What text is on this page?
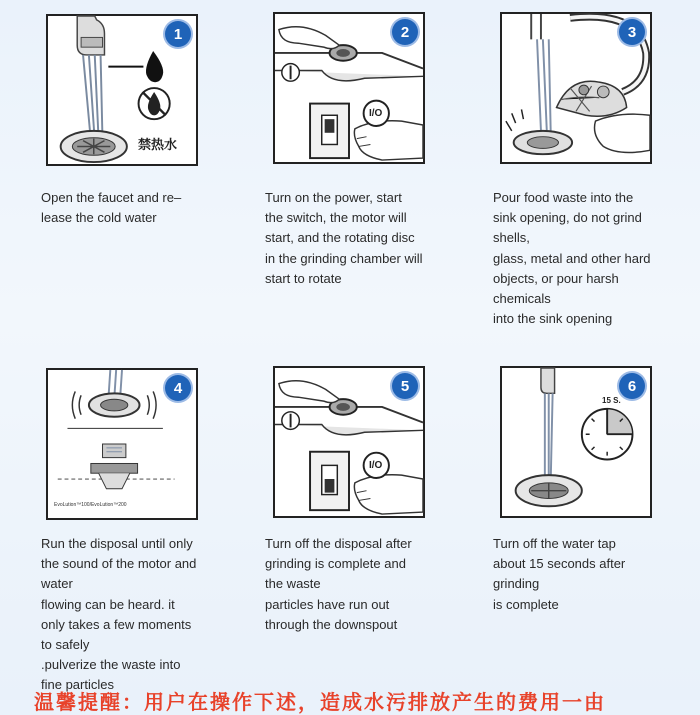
禁热水
1
I/O
2	3
Open the faucet and re–
lease the cold water
Turn on the power, start
the switch, the motor will
start, and the rotating disc
in the grinding chamber will
start to rotate
Pour food waste into the
sink opening, do not grind
shells,
glass, metal and other hard
objects, or pour harsh
chemicals
into the sink opening
EvoLution™100/EvoLution™200
4
I/O
5
15 S.
6
Run the disposal until only
the sound of the motor and
water
flowing can be heard. it
only takes a few moments
to safely
.pulverize the waste into
fine particles
Turn off the disposal after
grinding is complete and
the waste
particles have run out
through the downspout
Turn off the water tap
about 15 seconds after
grinding
is complete
温馨提醒：用户在操作下述，造成水污排放产生的费用一由
